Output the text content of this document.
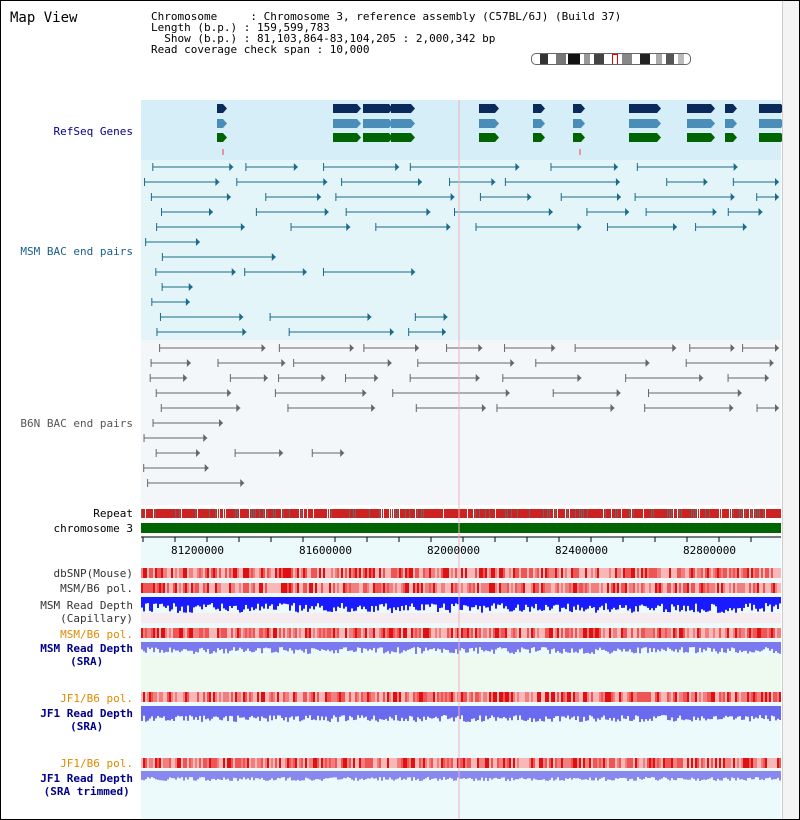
Map View	Chromosome     : Chromosome 3, reference assembly (C57BL/6J) (Build 37)
Length (b.p.) : 159,599,783
Show (b.p.) : 81,103,864-83,104,205 : 2,000,342 bp
Read coverage check span : 10,000
RefSeq Genes
MSM BAC end pairs
B6N BAC end pairs
Repeat
chromosome 3
dbSNP(Mouse)
MSM/B6 pol.
MSM Read Depth
(Capillary)
MSM/B6 pol.
MSM Read Depth
(SRA)
JF1/B6 pol.
JF1 Read Depth
(SRA)
JF1/B6 pol.
JF1 Read Depth
(SRA trimmed)
81200000	81600000	82000000	82400000	82800000
